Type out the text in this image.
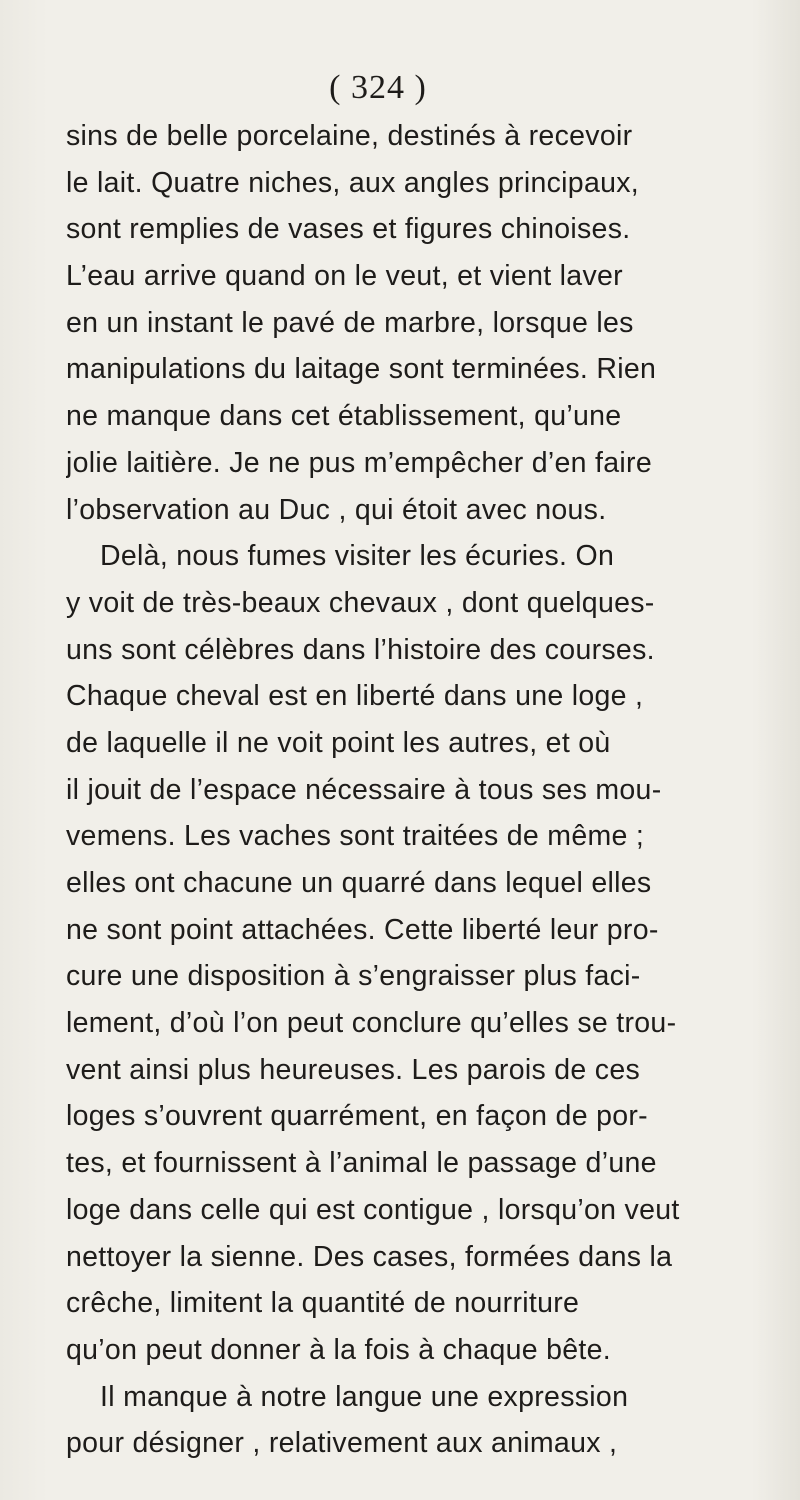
( 324 )
sins de belle porcelaine, destinés à recevoir
le lait. Quatre niches, aux angles principaux,
sont remplies de vases et figures chinoises.
L’eau arrive quand on le veut, et vient laver
en un instant le pavé de marbre, lorsque les
manipulations du laitage sont terminées. Rien
ne manque dans cet établissement, qu’une
jolie laitière. Je ne pus m’empêcher d’en faire
l’observation au Duc , qui étoit avec nous.
Delà, nous fumes visiter les écuries. On
y voit de très-beaux chevaux , dont quelques-
uns sont célèbres dans l’histoire des courses.
Chaque cheval est en liberté dans une loge ,
de laquelle il ne voit point les autres, et où
il jouit de l’espace nécessaire à tous ses mou-
vemens. Les vaches sont traitées de même ;
elles ont chacune un quarré dans lequel elles
ne sont point attachées. Cette liberté leur pro-
cure une disposition à s’engraisser plus faci-
lement, d’où l’on peut conclure qu’elles se trou-
vent ainsi plus heureuses. Les parois de ces
loges s’ouvrent quarrément, en façon de por-
tes, et fournissent à l’animal le passage d’une
loge dans celle qui est contigue , lorsqu’on veut
nettoyer la sienne. Des cases, formées dans la
crêche, limitent la quantité de nourriture
qu’on peut donner à la fois à chaque bête.
Il manque à notre langue une expression
pour désigner , relativement aux animaux ,
